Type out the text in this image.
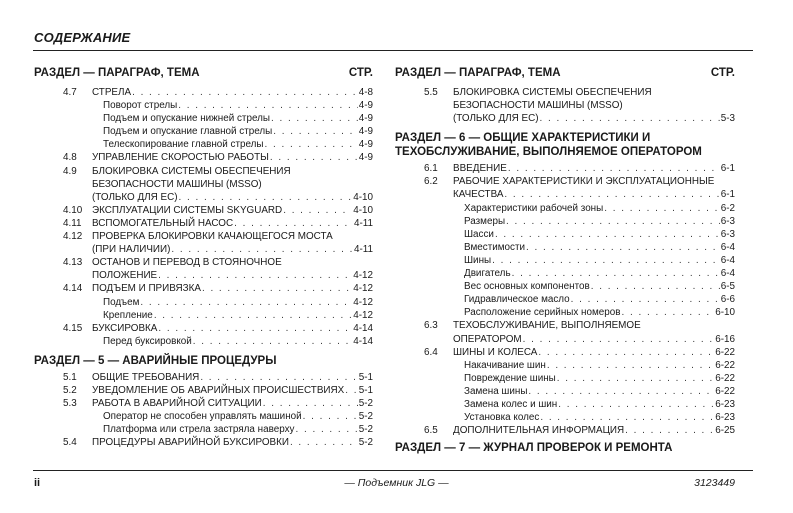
СОДЕРЖАНИЕ
РАЗДЕЛ — ПАРАГРАФ, ТЕМА	СТР.
4.7	СТРЕЛА . . .	4-8
Поворот стрелы . . .	4-9
Подъем и опускание нижней стрелы . . .	4-9
Подъем и опускание главной стрелы . . .	4-9
Телескопирование главной стрелы . . .	4-9
4.8	УПРАВЛЕНИЕ СКОРОСТЬЮ РАБОТЫ . . .	4-9
4.9	БЛОКИРОВКА СИСТЕМЫ ОБЕСПЕЧЕНИЯ
БЕЗОПАСНОСТИ МАШИНЫ (MSSO)
(ТОЛЬКО ДЛЯ ЕС) . . .	4-10
4.10 ЭКСПЛУАТАЦИИ СИСТЕМЫ SKYGUARD . . .	4-10
4.11	ВСПОМОГАТЕЛЬНЫЙ НАСОС . . .	4-11
4.12 ПРОВЕРКА БЛОКИРОВКИ КАЧАЮЩЕГОСЯ МОСТА
(ПРИ НАЛИЧИИ) . . .	4-11
4.13 ОСТАНОВ И ПЕРЕВОД В СТОЯНОЧНОЕ
ПОЛОЖЕНИЕ . . .	4-12
4.14 ПОДЪЕМ И ПРИВЯЗКА . . .	4-12
Подъем . . .	4-12
Крепление . . .	4-12
4.15 БУКСИРОВКА . . .	4-14
Перед буксировкой . . .	4-14
РАЗДЕЛ — 5 — АВАРИЙНЫЕ ПРОЦЕДУРЫ
5.1	ОБЩИЕ ТРЕБОВАНИЯ . . .	5-1
5.2	УВЕДОМЛЕНИЕ ОБ АВАРИЙНЫХ ПРОИСШЕСТВИЯХ . . . 5-1
5.3	РАБОТА В АВАРИЙНОЙ СИТУАЦИИ . . .	5-2
Оператор не способен управлять машиной . . .	5-2
Платформа или стрела застряла наверху . . .	5-2
5.4	ПРОЦЕДУРЫ АВАРИЙНОЙ БУКСИРОВКИ . . .	5-2
РАЗДЕЛ — ПАРАГРАФ, ТЕМА	СТР.
5.5	БЛОКИРОВКА СИСТЕМЫ ОБЕСПЕЧЕНИЯ
БЕЗОПАСНОСТИ МАШИНЫ (MSSO)
(ТОЛЬКО ДЛЯ ЕС) . . .	5-3
РАЗДЕЛ — 6 — ОБЩИЕ ХАРАКТЕРИСТИКИ И
ТЕХОБСЛУЖИВАНИЕ, ВЫПОЛНЯЕМОЕ ОПЕРАТОРОМ
6.1	ВВЕДЕНИЕ . . .	6-1
6.2	РАБОЧИЕ ХАРАКТЕРИСТИКИ И ЭКСПЛУАТАЦИОННЫЕ
КАЧЕСТВА . . .	6-1
Характеристики рабочей зоны . . .	6-2
Размеры . . .	6-3
Шасси . . .	6-3
Вместимости . . .	6-4
Шины . . .	6-4
Двигатель . . .	6-4
Вес основных компонентов . . .	6-5
Гидравлическое масло . . .	6-6
Расположение серийных номеров . . .	6-10
6.3	ТЕХОБСЛУЖИВАНИЕ, ВЫПОЛНЯЕМОЕ
ОПЕРАТОРОМ . . .	6-16
6.4	ШИНЫ И КОЛЕСА . . .	6-22
Накачивание шин . . .	6-22
Повреждение шины . . .	6-22
Замена шины . . .	6-22
Замена колес и шин . . .	6-23
Установка колес . . .	6-23
6.5	ДОПОЛНИТЕЛЬНАЯ ИНФОРМАЦИЯ . . .	6-25
РАЗДЕЛ — 7 — ЖУРНАЛ ПРОВЕРОК И РЕМОНТА
ii	— Подъемник JLG —	3123449
